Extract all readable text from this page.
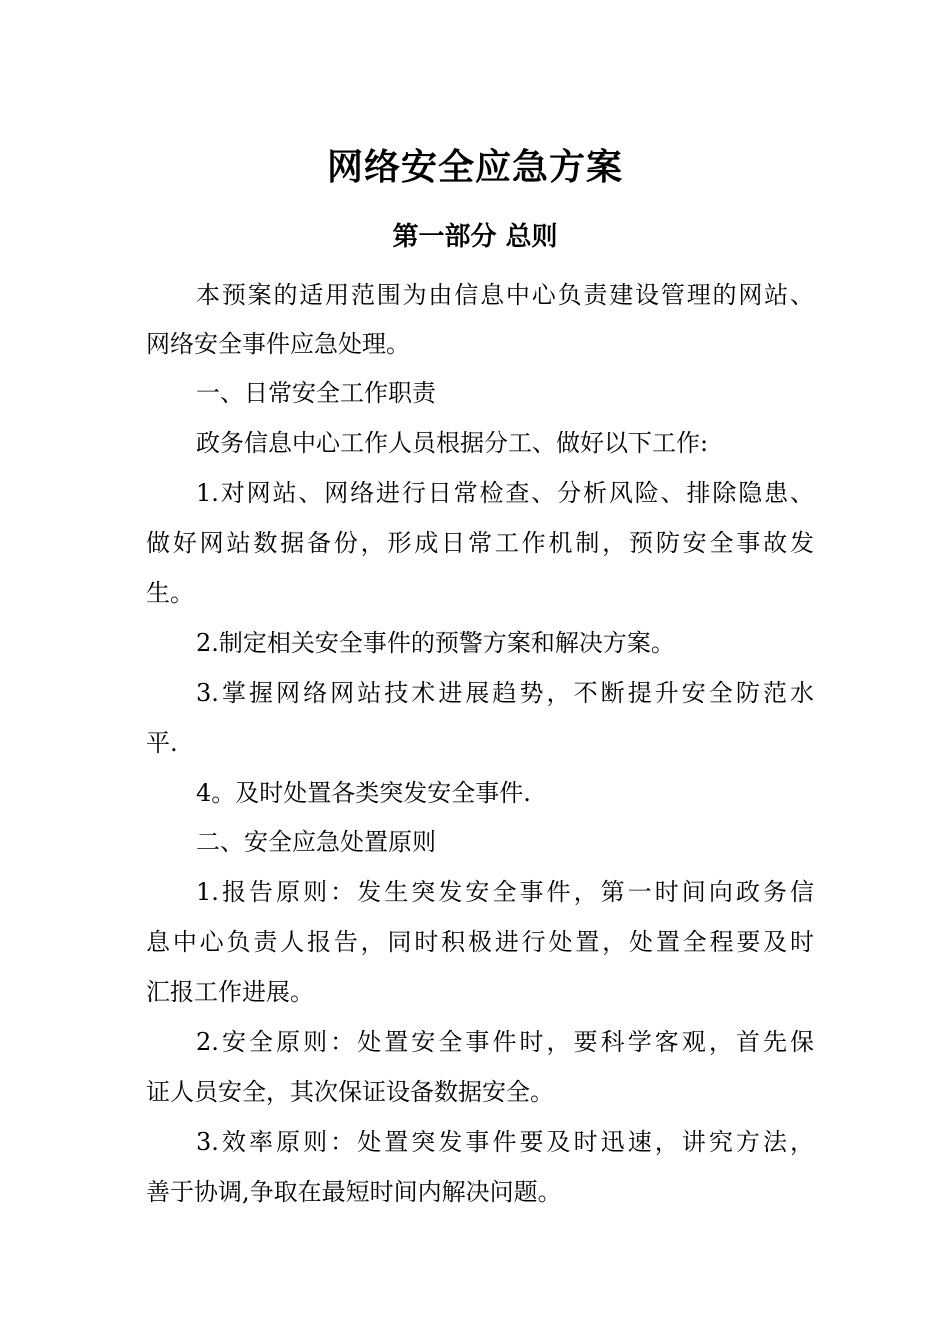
网络安全应急方案
第一部分 总则
本预案的适用范围为由信息中心负责建设管理的网站、
网络安全事件应急处理。
一、日常安全工作职责
政务信息中心工作人员根据分工、做好以下工作:
1.对网站、网络进行日常检查、分析风险、排除隐患、
做好网站数据备份，形成日常工作机制，预防安全事故发
生。
2.制定相关安全事件的预警方案和解决方案。
3.掌握网络网站技术进展趋势，不断提升安全防范水
平.
4。及时处置各类突发安全事件.
二、安全应急处置原则
1.报告原则：发生突发安全事件，第一时间向政务信
息中心负责人报告，同时积极进行处置，处置全程要及时
汇报工作进展。
2.安全原则：处置安全事件时，要科学客观，首先保
证人员安全，其次保证设备数据安全。
3.效率原则：处置突发事件要及时迅速，讲究方法，
善于协调,争取在最短时间内解决问题。
